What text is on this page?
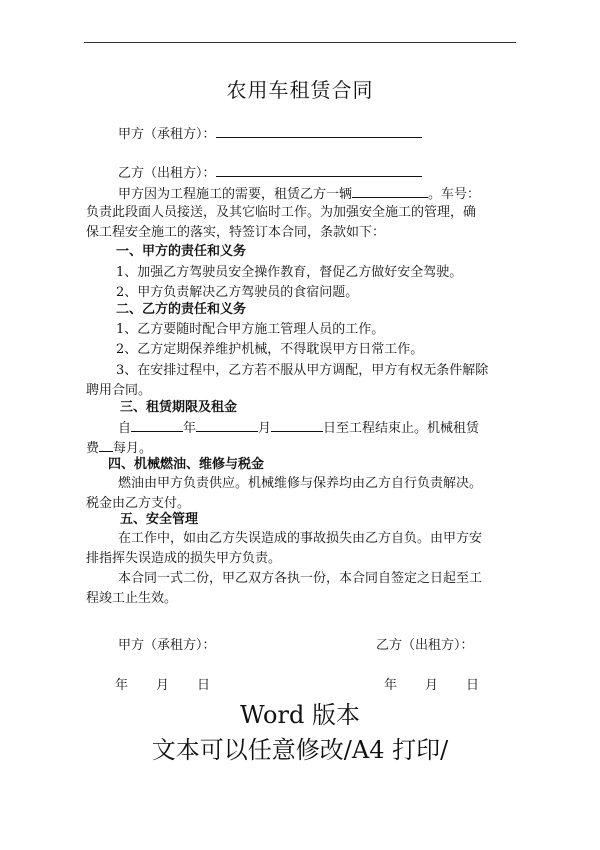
农用车租赁合同
甲方（承租方）：
乙方（出租方）：
甲方因为工程施工的需要，租赁乙方一辆	。车号：
负责此段面人员接送，及其它临时工作。为加强安全施工的管理，确
保工程安全施工的落实，特签订本合同，条款如下：
一、甲方的责任和义务
1、加强乙方驾驶员安全操作教育，督促乙方做好安全驾驶。
2、甲方负责解决乙方驾驶员的食宿问题。
二、乙方的责任和义务
1、乙方要随时配合甲方施工管理人员的工作。
2、乙方定期保养维护机械，不得耽误甲方日常工作。
3、在安排过程中，乙方若不服从甲方调配，甲方有权无条件解除
聘用合同。
三、租赁期限及租金
自	年	月	日至工程结束止。机械租赁
费 每月。
四、机械燃油、维修与税金
燃油由甲方负责供应。机械维修与保养均由乙方自行负责解决。
税金由乙方支付。
五、安全管理
在工作中，如由乙方失误造成的事故损失由乙方自负。由甲方安
排指挥失误造成的损失甲方负责。
本合同一式二份，甲乙双方各执一份，本合同自签定之日起至工
程竣工止生效。
甲方（承租方）：	乙方（出租方）：
年 月 日	年 月 日
Word 版本
文本可以任意修改/A4 打印/
